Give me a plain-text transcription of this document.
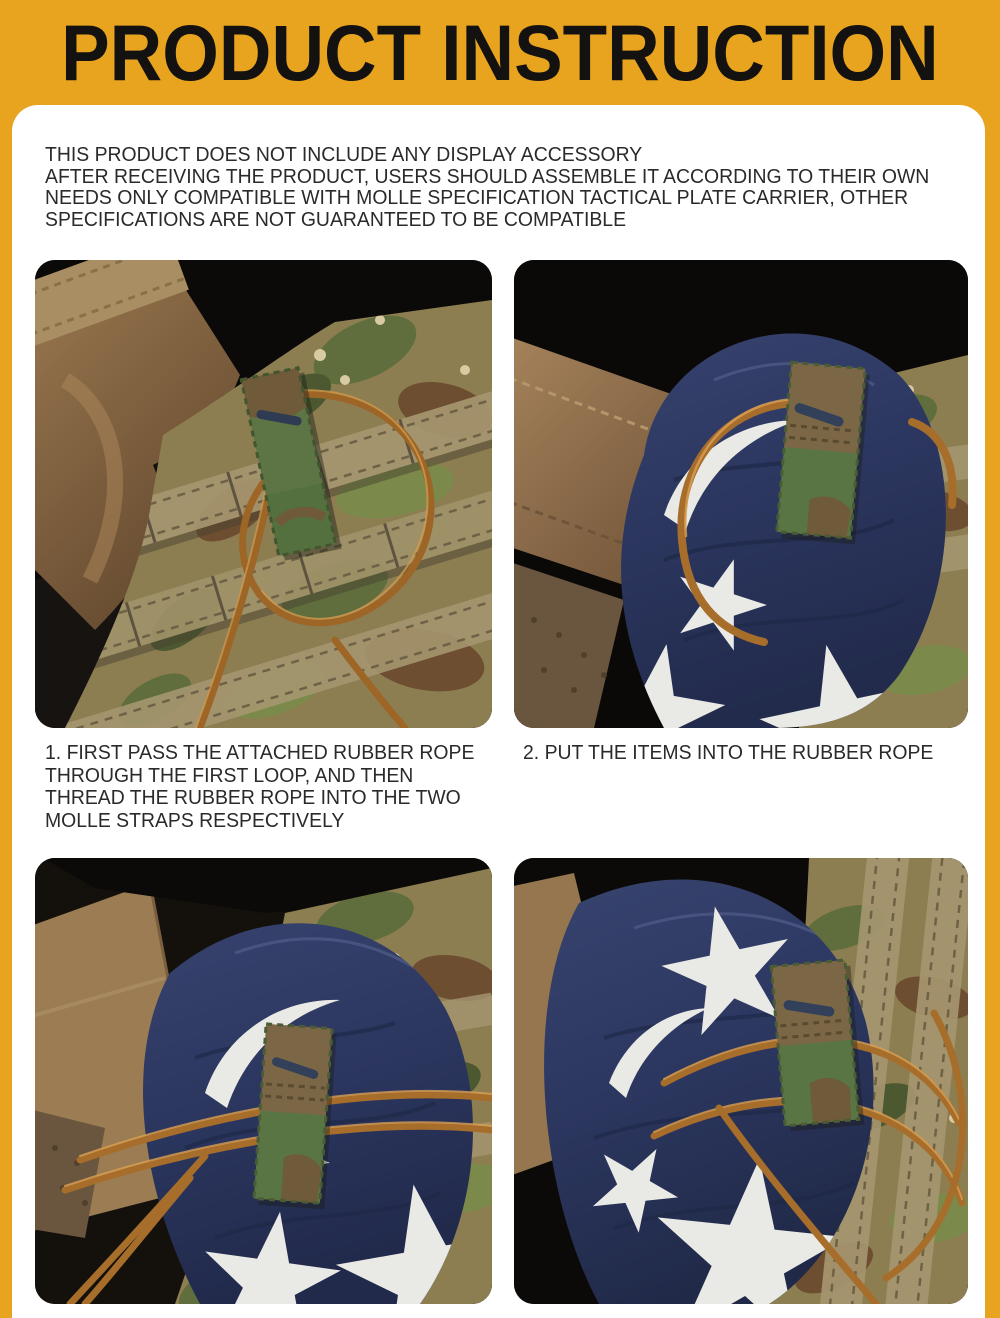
PRODUCT INSTRUCTION
THIS PRODUCT DOES NOT INCLUDE ANY DISPLAY ACCESSORY
AFTER RECEIVING THE PRODUCT, USERS SHOULD ASSEMBLE IT ACCORDING TO THEIR OWN
NEEDS ONLY COMPATIBLE WITH MOLLE SPECIFICATION TACTICAL PLATE CARRIER, OTHER
SPECIFICATIONS ARE NOT GUARANTEED TO BE COMPATIBLE
1. FIRST PASS THE ATTACHED RUBBER ROPE
THROUGH THE FIRST LOOP, AND THEN
THREAD THE RUBBER ROPE INTO THE TWO
MOLLE STRAPS RESPECTIVELY
2. PUT THE ITEMS INTO THE RUBBER ROPE
